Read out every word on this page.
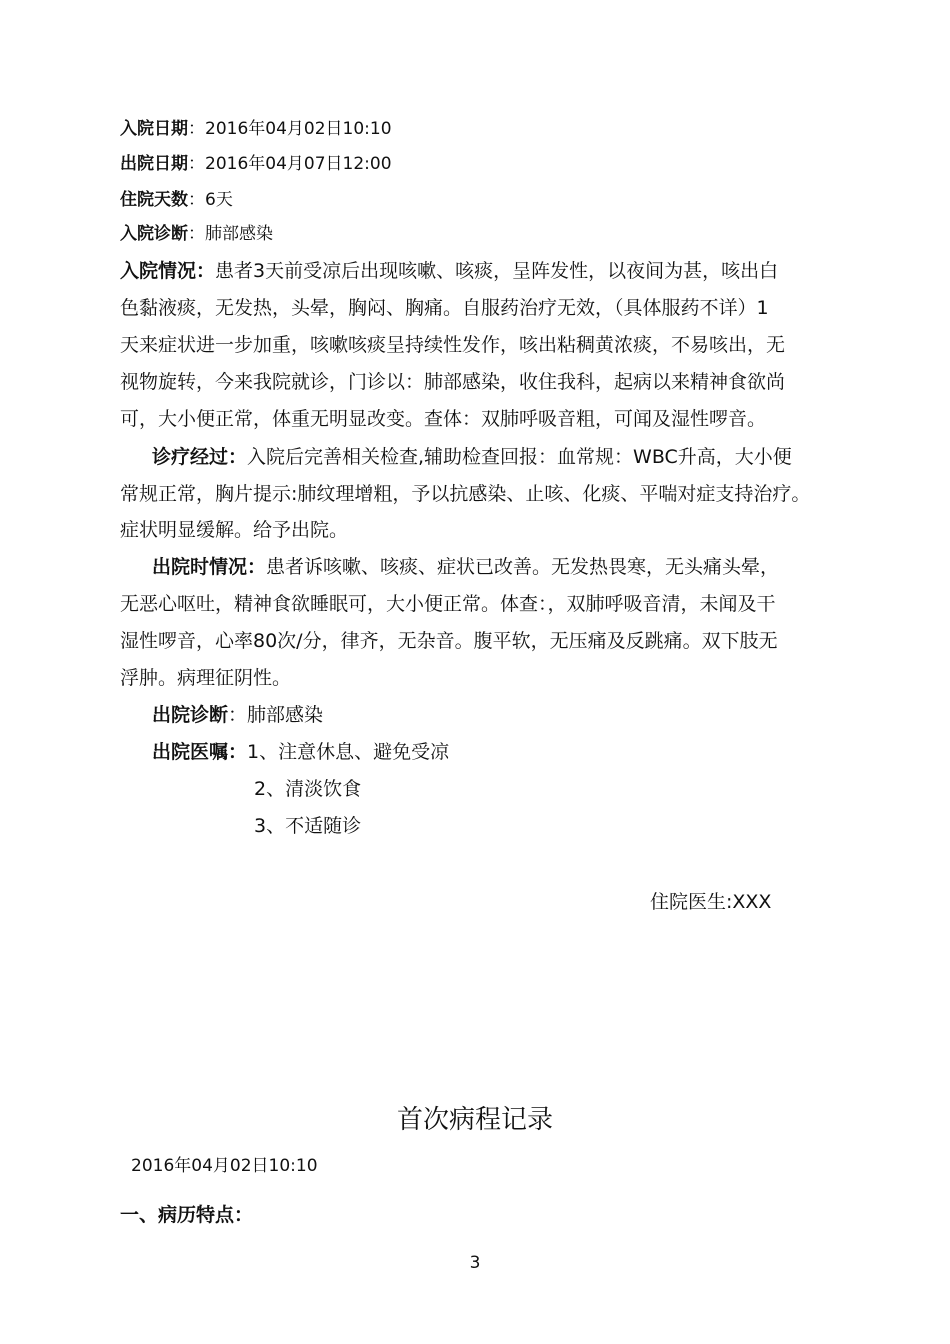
入院日期：2016年04月02日10:10
出院日期：2016年04月07日12:00
住院天数：6天
入院诊断：肺部感染
入院情况：患者3天前受凉后出现咳嗽、咳痰，呈阵发性，以夜间为甚，咳出白
色黏液痰，无发热，头晕，胸闷、胸痛。自服药治疗无效，（具体服药不详）1
天来症状进一步加重，咳嗽咳痰呈持续性发作，咳出粘稠黄浓痰，不易咳出，无
视物旋转，今来我院就诊，门诊以：肺部感染，收住我科，起病以来精神食欲尚
可，大小便正常，体重无明显改变。查体：双肺呼吸音粗，可闻及湿性啰音。
诊疗经过：入院后完善相关检查,辅助检查回报：血常规：WBC升高，大小便
常规正常，胸片提示:肺纹理增粗，予以抗感染、止咳、化痰、平喘对症支持治疗。
症状明显缓解。给予出院。
出院时情况：患者诉咳嗽、咳痰、症状已改善。无发热畏寒，无头痛头晕，
无恶心呕吐，精神食欲睡眠可，大小便正常。体查：，双肺呼吸音清，未闻及干
湿性啰音，心率80次/分，律齐，无杂音。腹平软，无压痛及反跳痛。双下肢无
浮肿。病理征阴性。
出院诊断：肺部感染
出院医嘱：1、注意休息、避免受凉
2、清淡饮食
3、不适随诊
住院医生:XXX
首次病程记录
2016年04月02日10:10
一、病历特点：
3
